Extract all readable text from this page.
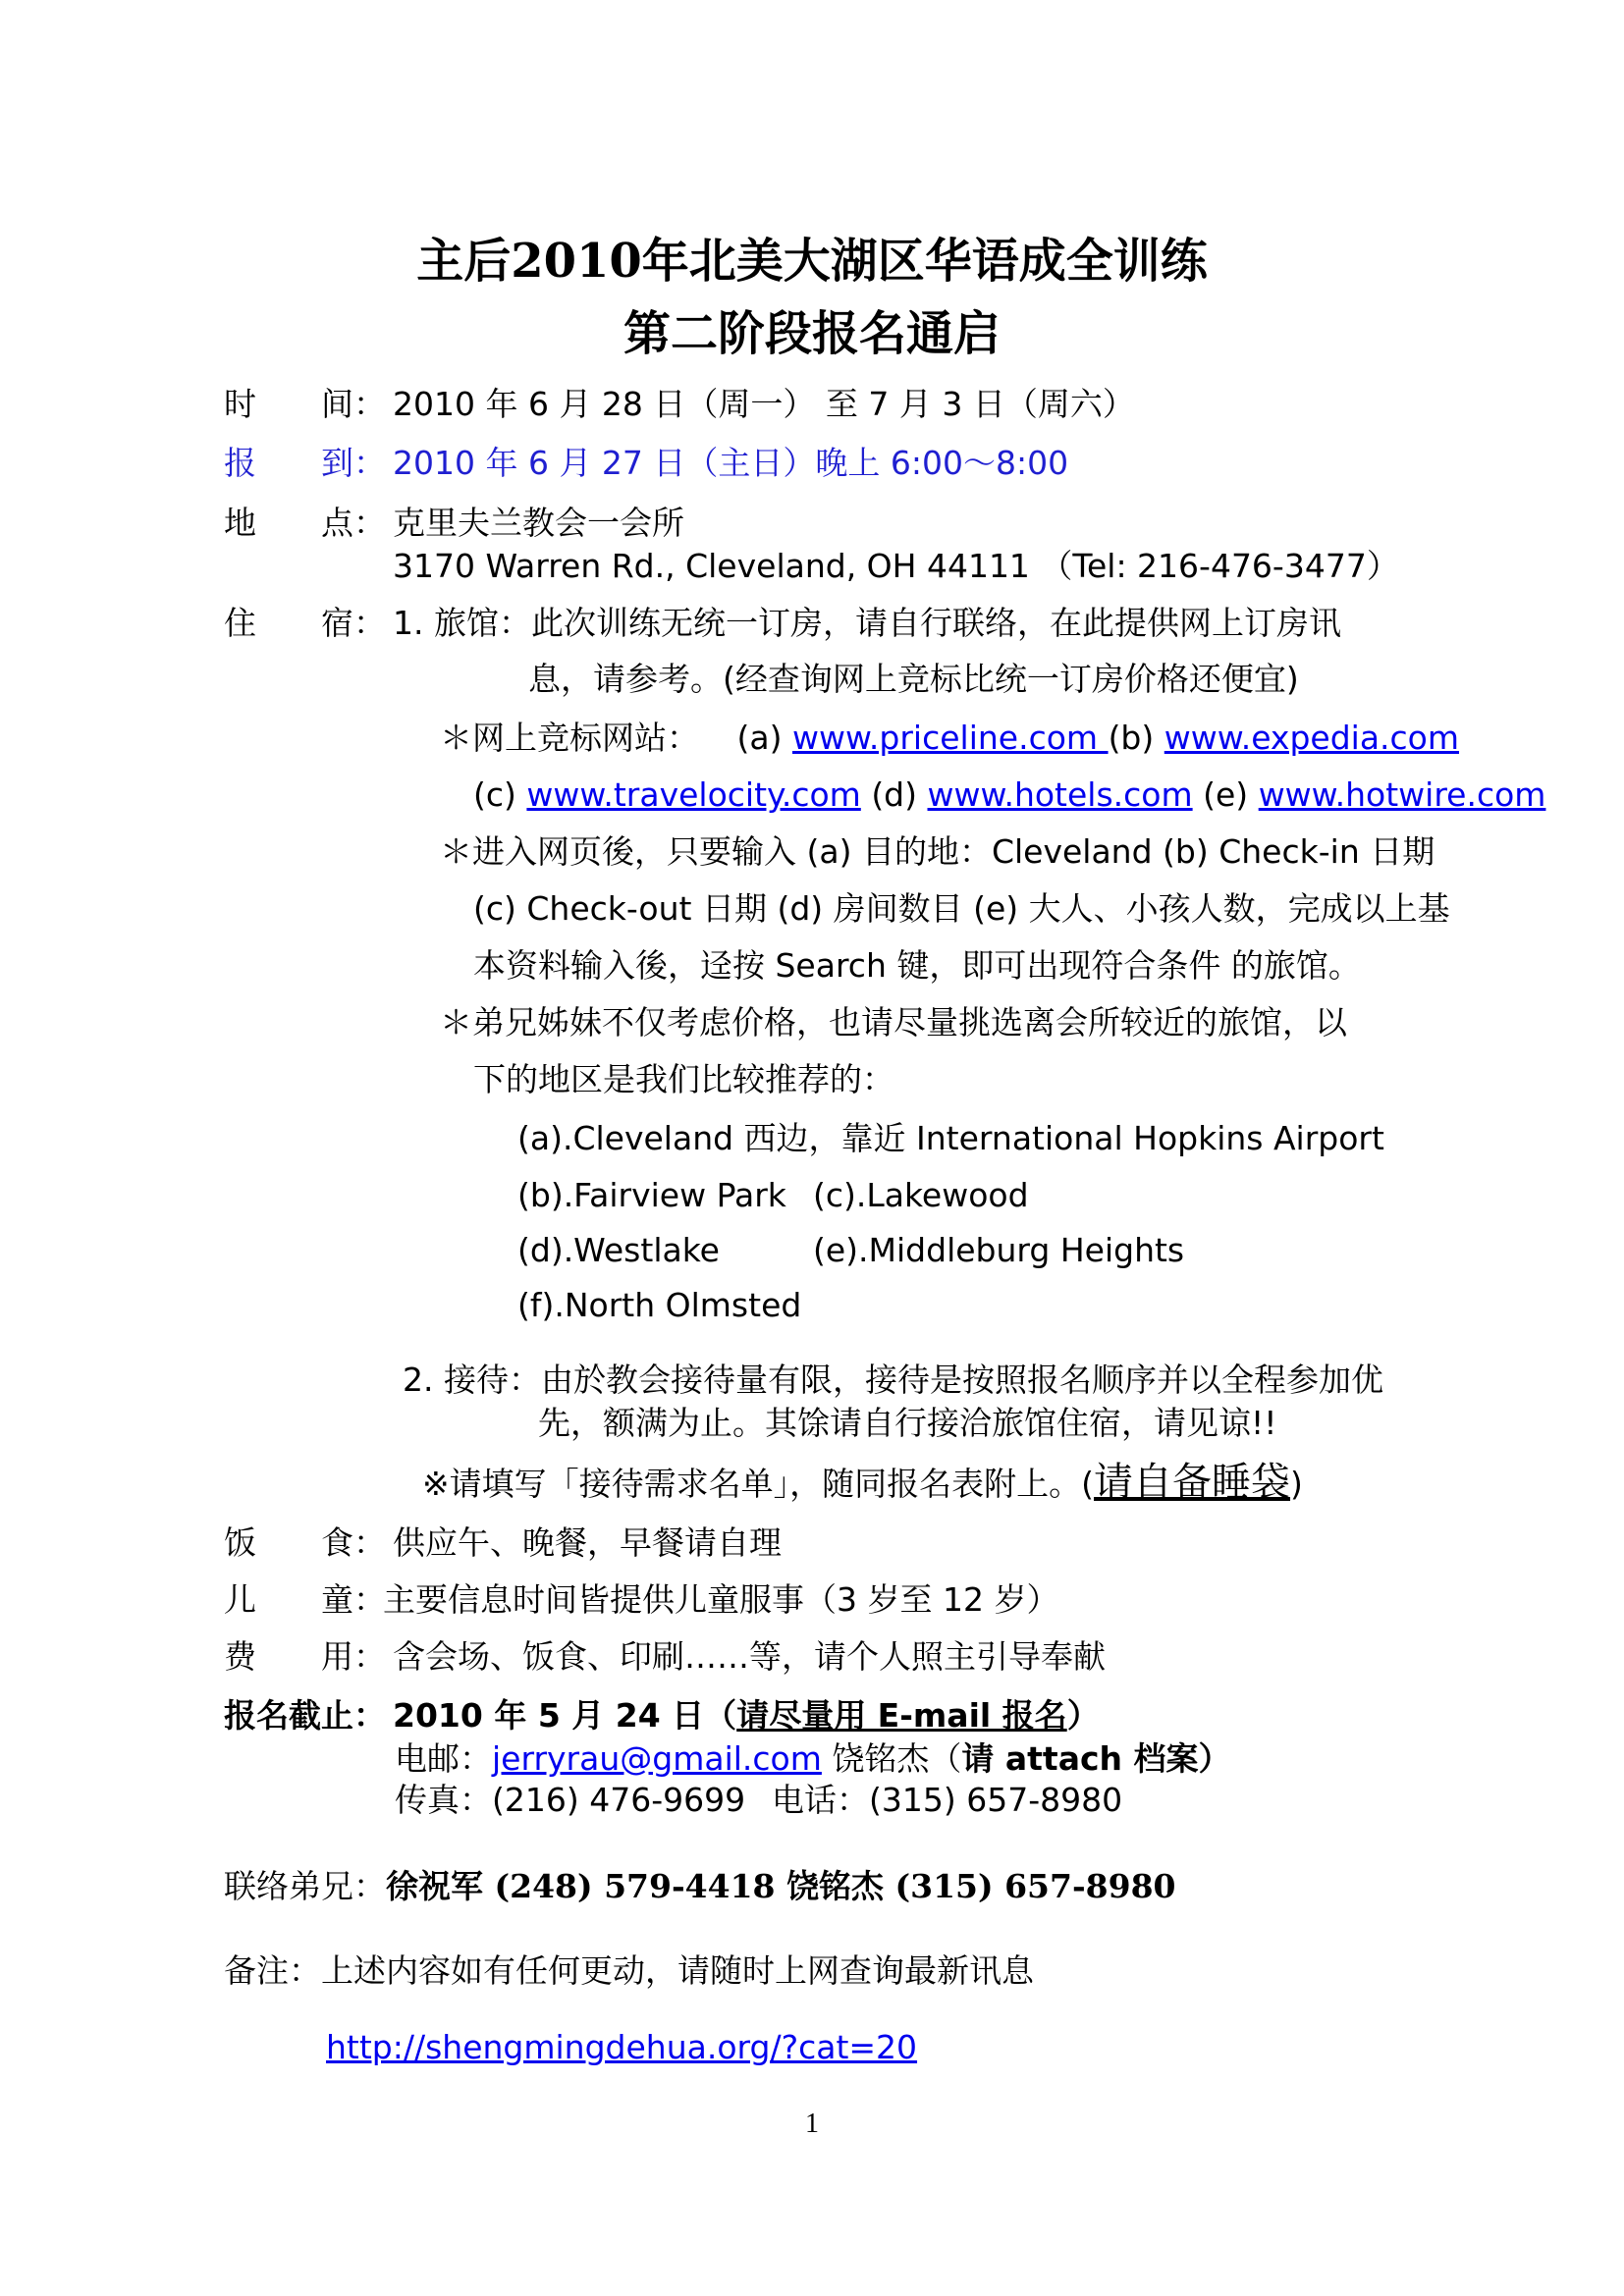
主后2010年北美大湖区华语成全训练
第二阶段报名通启
时　　间： 2010 年 6 月 28 日（周一） 至 7 月 3 日（周六）
报　　到： 2010 年 6 月 27 日（主日）晚上 6:00～8:00
地　　点： 克里夫兰教会一会所
3170 Warren Rd., Cleveland, OH 44111 （Tel: 216-476-3477）
住　　宿： 1. 旅馆：此次训练无统一订房，请自行联络，在此提供网上订房讯
息，请参考。(经查询网上竞标比统一订房价格还便宜)
＊网上竞标网站： (a) www.priceline.com (b) www.expedia.com
(c) www.travelocity.com (d) www.hotels.com (e) www.hotwire.com
＊进入网页後，只要输入 (a) 目的地：Cleveland (b) Check-in 日期
(c) Check-out 日期 (d) 房间数目 (e) 大人、小孩人数，完成以上基
本资料输入後，迳按 Search 键，即可出现符合条件 的旅馆。
＊弟兄姊妹不仅考虑价格，也请尽量挑选离会所较近的旅馆，以
下的地区是我们比较推荐的：
(a).Cleveland 西边，靠近 International Hopkins Airport
(b).Fairview Park (c).Lakewood
(d).Westlake	(e).Middleburg Heights
(f).North Olmsted
2. 接待：由於教会接待量有限，接待是按照报名顺序并以全程参加优
先，额满为止。其馀请自行接洽旅馆住宿，请见谅!!
※请填写「接待需求名单」，随同报名表附上。(请自备睡袋)
饭　　食： 供应午、晚餐，早餐请自理
儿　　童：
主要信息时间皆提供儿童服事（3 岁至 12 岁）
费　　用： 含会场、饭食、印刷……等，请个人照主引导奉献
报名截止： 2010 年 5 月 24 日（请尽量用 E-mail 报名）
电邮：jerryrau@gmail.com 饶铭杰（请 attach 档案）
传真：(216) 476-9699 电话：(315) 657-8980
联络弟兄：徐祝军 (248) 579-4418 饶铭杰 (315) 657-8980
备注：上述内容如有任何更动，请随时上网查询最新讯息
http://shengmingdehua.org/?cat=20
1
